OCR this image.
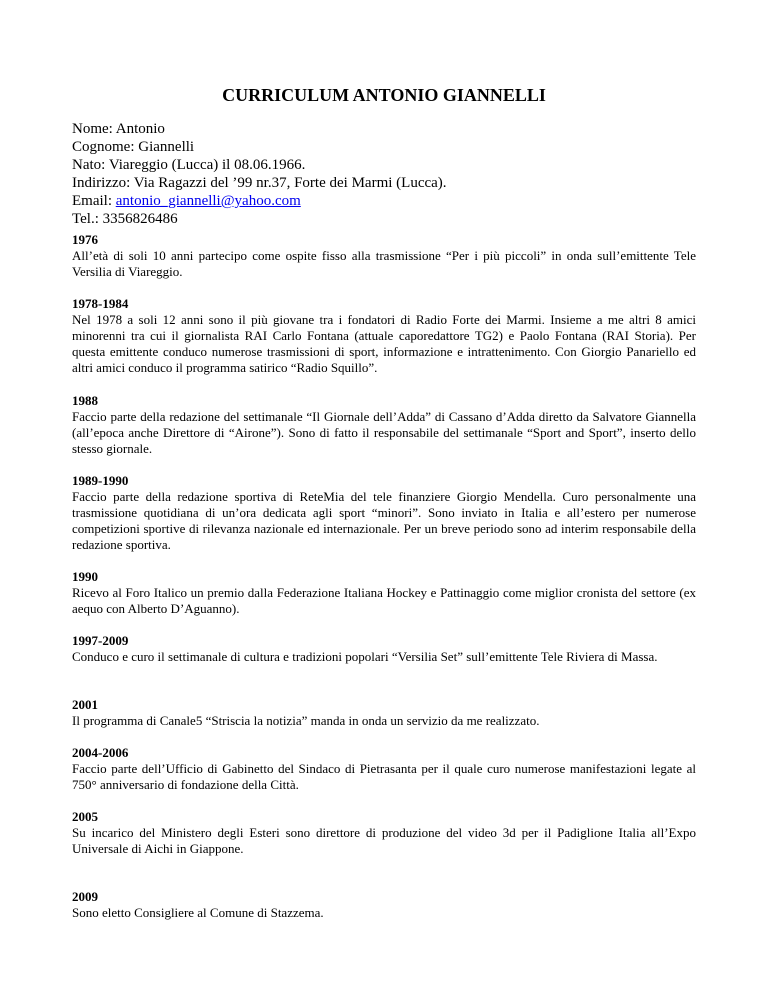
CURRICULUM ANTONIO GIANNELLI
Nome: Antonio
Cognome: Giannelli
Nato: Viareggio (Lucca) il 08.06.1966.
Indirizzo: Via Ragazzi del ’99 nr.37, Forte dei Marmi (Lucca).
Email: antonio_giannelli@yahoo.com
Tel.: 3356826486
1976
All’età di soli 10 anni partecipo come ospite fisso alla trasmissione “Per i più piccoli” in onda sull’emittente Tele Versilia di Viareggio.
1978-1984
Nel 1978 a soli 12 anni sono il più giovane tra i fondatori di Radio Forte dei Marmi. Insieme a me altri 8 amici minorenni tra cui il giornalista RAI Carlo Fontana (attuale caporedattore TG2) e Paolo Fontana (RAI Storia). Per questa emittente conduco numerose trasmissioni di sport, informazione e intrattenimento. Con Giorgio Panariello ed altri amici conduco il programma satirico “Radio Squillo”.
1988
Faccio parte della redazione del settimanale “Il Giornale dell’Adda” di Cassano d’Adda diretto da Salvatore Giannella (all’epoca anche Direttore di “Airone”). Sono di fatto il responsabile del settimanale “Sport and Sport”, inserto dello stesso giornale.
1989-1990
Faccio parte della redazione sportiva di ReteMia del tele finanziere Giorgio Mendella. Curo personalmente una trasmissione quotidiana di un’ora dedicata agli sport “minori”. Sono inviato in Italia e all’estero per numerose competizioni sportive di rilevanza nazionale ed internazionale. Per un breve periodo sono ad interim responsabile della redazione sportiva.
1990
Ricevo al Foro Italico un premio dalla Federazione Italiana Hockey e Pattinaggio come miglior cronista del settore (ex aequo con Alberto D’Aguanno).
1997-2009
Conduco e curo il settimanale di cultura e tradizioni popolari “Versilia Set” sull’emittente Tele Riviera di Massa.
2001
Il programma di Canale5 “Striscia la notizia” manda in onda un servizio da me realizzato.
2004-2006
Faccio parte dell’Ufficio di Gabinetto del Sindaco di Pietrasanta per il quale curo numerose manifestazioni legate al 750° anniversario di fondazione della Città.
2005
Su incarico del Ministero degli Esteri sono direttore di produzione del video 3d per il Padiglione Italia all’Expo Universale di Aichi in Giappone.
2009
Sono eletto Consigliere al Comune di Stazzema.
